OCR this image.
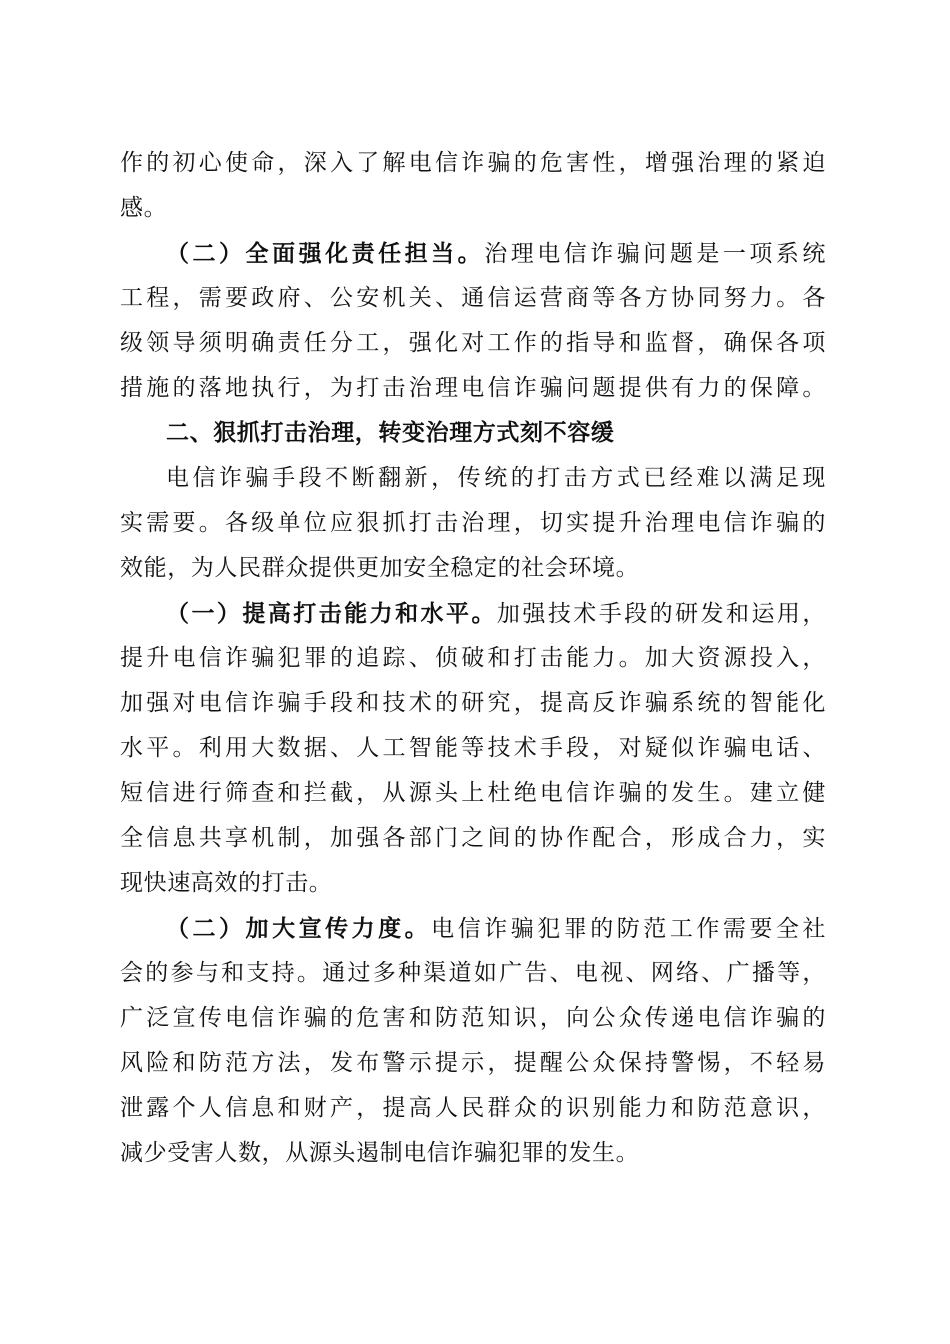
作的初心使命，深入了解电信诈骗的危害性，增强治理的紧迫
感。
（二）全面强化责任担当。治理电信诈骗问题是一项系统
工程，需要政府、公安机关、通信运营商等各方协同努力。各
级领导须明确责任分工，强化对工作的指导和监督，确保各项
措施的落地执行，为打击治理电信诈骗问题提供有力的保障。
二、狠抓打击治理，转变治理方式刻不容缓
电信诈骗手段不断翻新，传统的打击方式已经难以满足现
实需要。各级单位应狠抓打击治理，切实提升治理电信诈骗的
效能，为人民群众提供更加安全稳定的社会环境。
（一）提高打击能力和水平。加强技术手段的研发和运用，
提升电信诈骗犯罪的追踪、侦破和打击能力。加大资源投入，
加强对电信诈骗手段和技术的研究，提高反诈骗系统的智能化
水平。利用大数据、人工智能等技术手段，对疑似诈骗电话、
短信进行筛查和拦截，从源头上杜绝电信诈骗的发生。建立健
全信息共享机制，加强各部门之间的协作配合，形成合力，实
现快速高效的打击。
（二）加大宣传力度。电信诈骗犯罪的防范工作需要全社
会的参与和支持。通过多种渠道如广告、电视、网络、广播等，
广泛宣传电信诈骗的危害和防范知识，向公众传递电信诈骗的
风险和防范方法，发布警示提示，提醒公众保持警惕，不轻易
泄露个人信息和财产，提高人民群众的识别能力和防范意识，
减少受害人数，从源头遏制电信诈骗犯罪的发生。
